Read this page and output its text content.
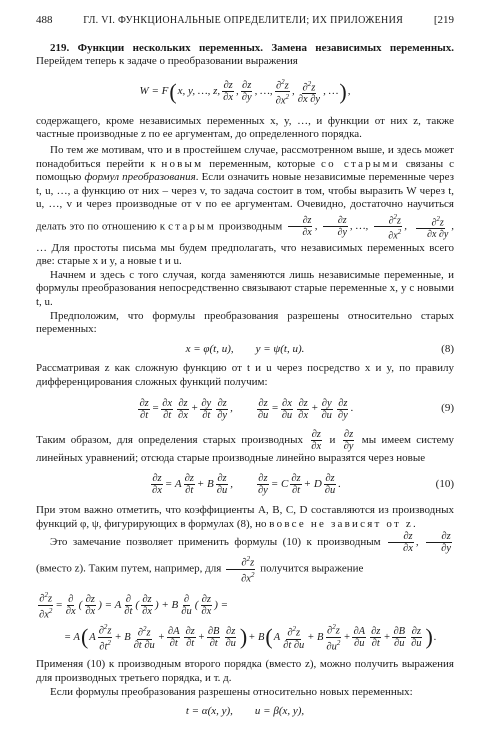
488	ГЛ. VI. ФУНКЦИОНАЛЬНЫЕ ОПРЕДЕЛИТЕЛИ; ИХ ПРИЛОЖЕНИЯ	[219

219. Функции нескольких переменных. Замена независимых переменных. Перейдем теперь к задаче о преобразовании выражения

W = F ( x, y, …, z, $\frac{\partial z}{\partial x}$ , $\frac{\partial z}{\partial y}$ , …, $\frac{\partial^2z}{\partial x^2}$ , $\frac{\partial^2z}{\partial x \partial y}$ , … ) ,

содержащего, кроме независимых переменных x, y, …, и функции от них z, также частные производные z по ее аргументам, до определенного порядка.

По тем же мотивам, что и в простейшем случае, рассмотренном выше, и здесь может понадобиться перейти к новым переменным, которые со старыми связаны с помощью формул преобразования. Если означить новые независимые переменные через t, u, …, а функцию от них – через v, то задача состоит в том, чтобы выразить W через t, u, …, v и через производные от v по ее аргументам. Очевидно, достаточно научиться делать это по отношению к старым производным $\frac{\partial z}{\partial x}$ , $\frac{\partial z}{\partial y}$ , …, $\frac{\partial^2z}{\partial x^2}$ , $\frac{\partial^2z}{\partial x \partial y}$ , … Для простоты письма мы будем предполагать, что независимых переменных всего две: старые x и y, а новые t и u.

Начнем и здесь с того случая, когда заменяются лишь независимые переменные, и формулы преобразования непосредственно связывают старые переменные x, y с новыми t, u.

Предположим, что формулы преобразования разрешены относительно старых переменных:

x = φ(t, u), y = ψ(t, u).	(8)

Рассматривая z как сложную функцию от t и u через посредство x и y, по правилу дифференцирования сложных функций получим:

$\frac{\partial z}{\partial t} = \frac{\partial x}{\partial t} \frac{\partial z}{\partial x} + \frac{\partial y}{\partial t} \frac{\partial z}{\partial y}$ , $\frac{\partial z}{\partial u} = \frac{\partial x}{\partial u} \frac{\partial z}{\partial x} + \frac{\partial y}{\partial u} \frac{\partial z}{\partial y}$ .	(9)

Таким образом, для определения старых производных $\frac{\partial z}{\partial x}$ и $\frac{\partial z}{\partial y}$ мы имеем систему линейных уравнений; отсюда старые производные линейно выразятся через новые

$\frac{\partial z}{\partial x} = A \frac{\partial z}{\partial t} + B \frac{\partial z}{\partial u}$ , $\frac{\partial z}{\partial y} = C \frac{\partial z}{\partial t} + D \frac{\partial z}{\partial u}$ .	(10)

При этом важно отметить, что коэффициенты A, B, C, D составляются из производных функций φ, ψ, фигурирующих в формулах (8), но вовсе не зависят от z.

Это замечание позволяет применить формулы (10) к производным $\frac{\partial z}{\partial x}$ , $\frac{\partial z}{\partial y}$
(вместо z). Таким путем, например, для $\frac{\partial^2z}{\partial x^2}$ получится выражение

$\frac{\partial^2z}{\partial x^2} = \frac{\partial}{\partial x}$ ( $\frac{\partial z}{\partial x}$ ) = A $\frac{\partial}{\partial t}$ ( $\frac{\partial z}{\partial x}$ ) + B $\frac{\partial}{\partial u}$ ( $\frac{\partial z}{\partial x}$ ) =
= A ( A $\frac{\partial^2z}{\partial t^2} + B \frac{\partial^2z}{\partial t \partial u} + \frac{\partial A}{\partial t} \frac{\partial z}{\partial t} + \frac{\partial B}{\partial t} \frac{\partial z}{\partial u}$ ) + B ( A $\frac{\partial^2z}{\partial t \partial u} + B \frac{\partial^2z}{\partial u^2} + \frac{\partial A}{\partial u} \frac{\partial z}{\partial t} + \frac{\partial B}{\partial u} \frac{\partial z}{\partial u}$ ) .

Применяя (10) к производным второго порядка (вместо z), можно получить выражения для производных третьего порядка, и т. д.

Если формулы преобразования разрешены относительно новых переменных:

t = α(x, y), u = β(x, y),
